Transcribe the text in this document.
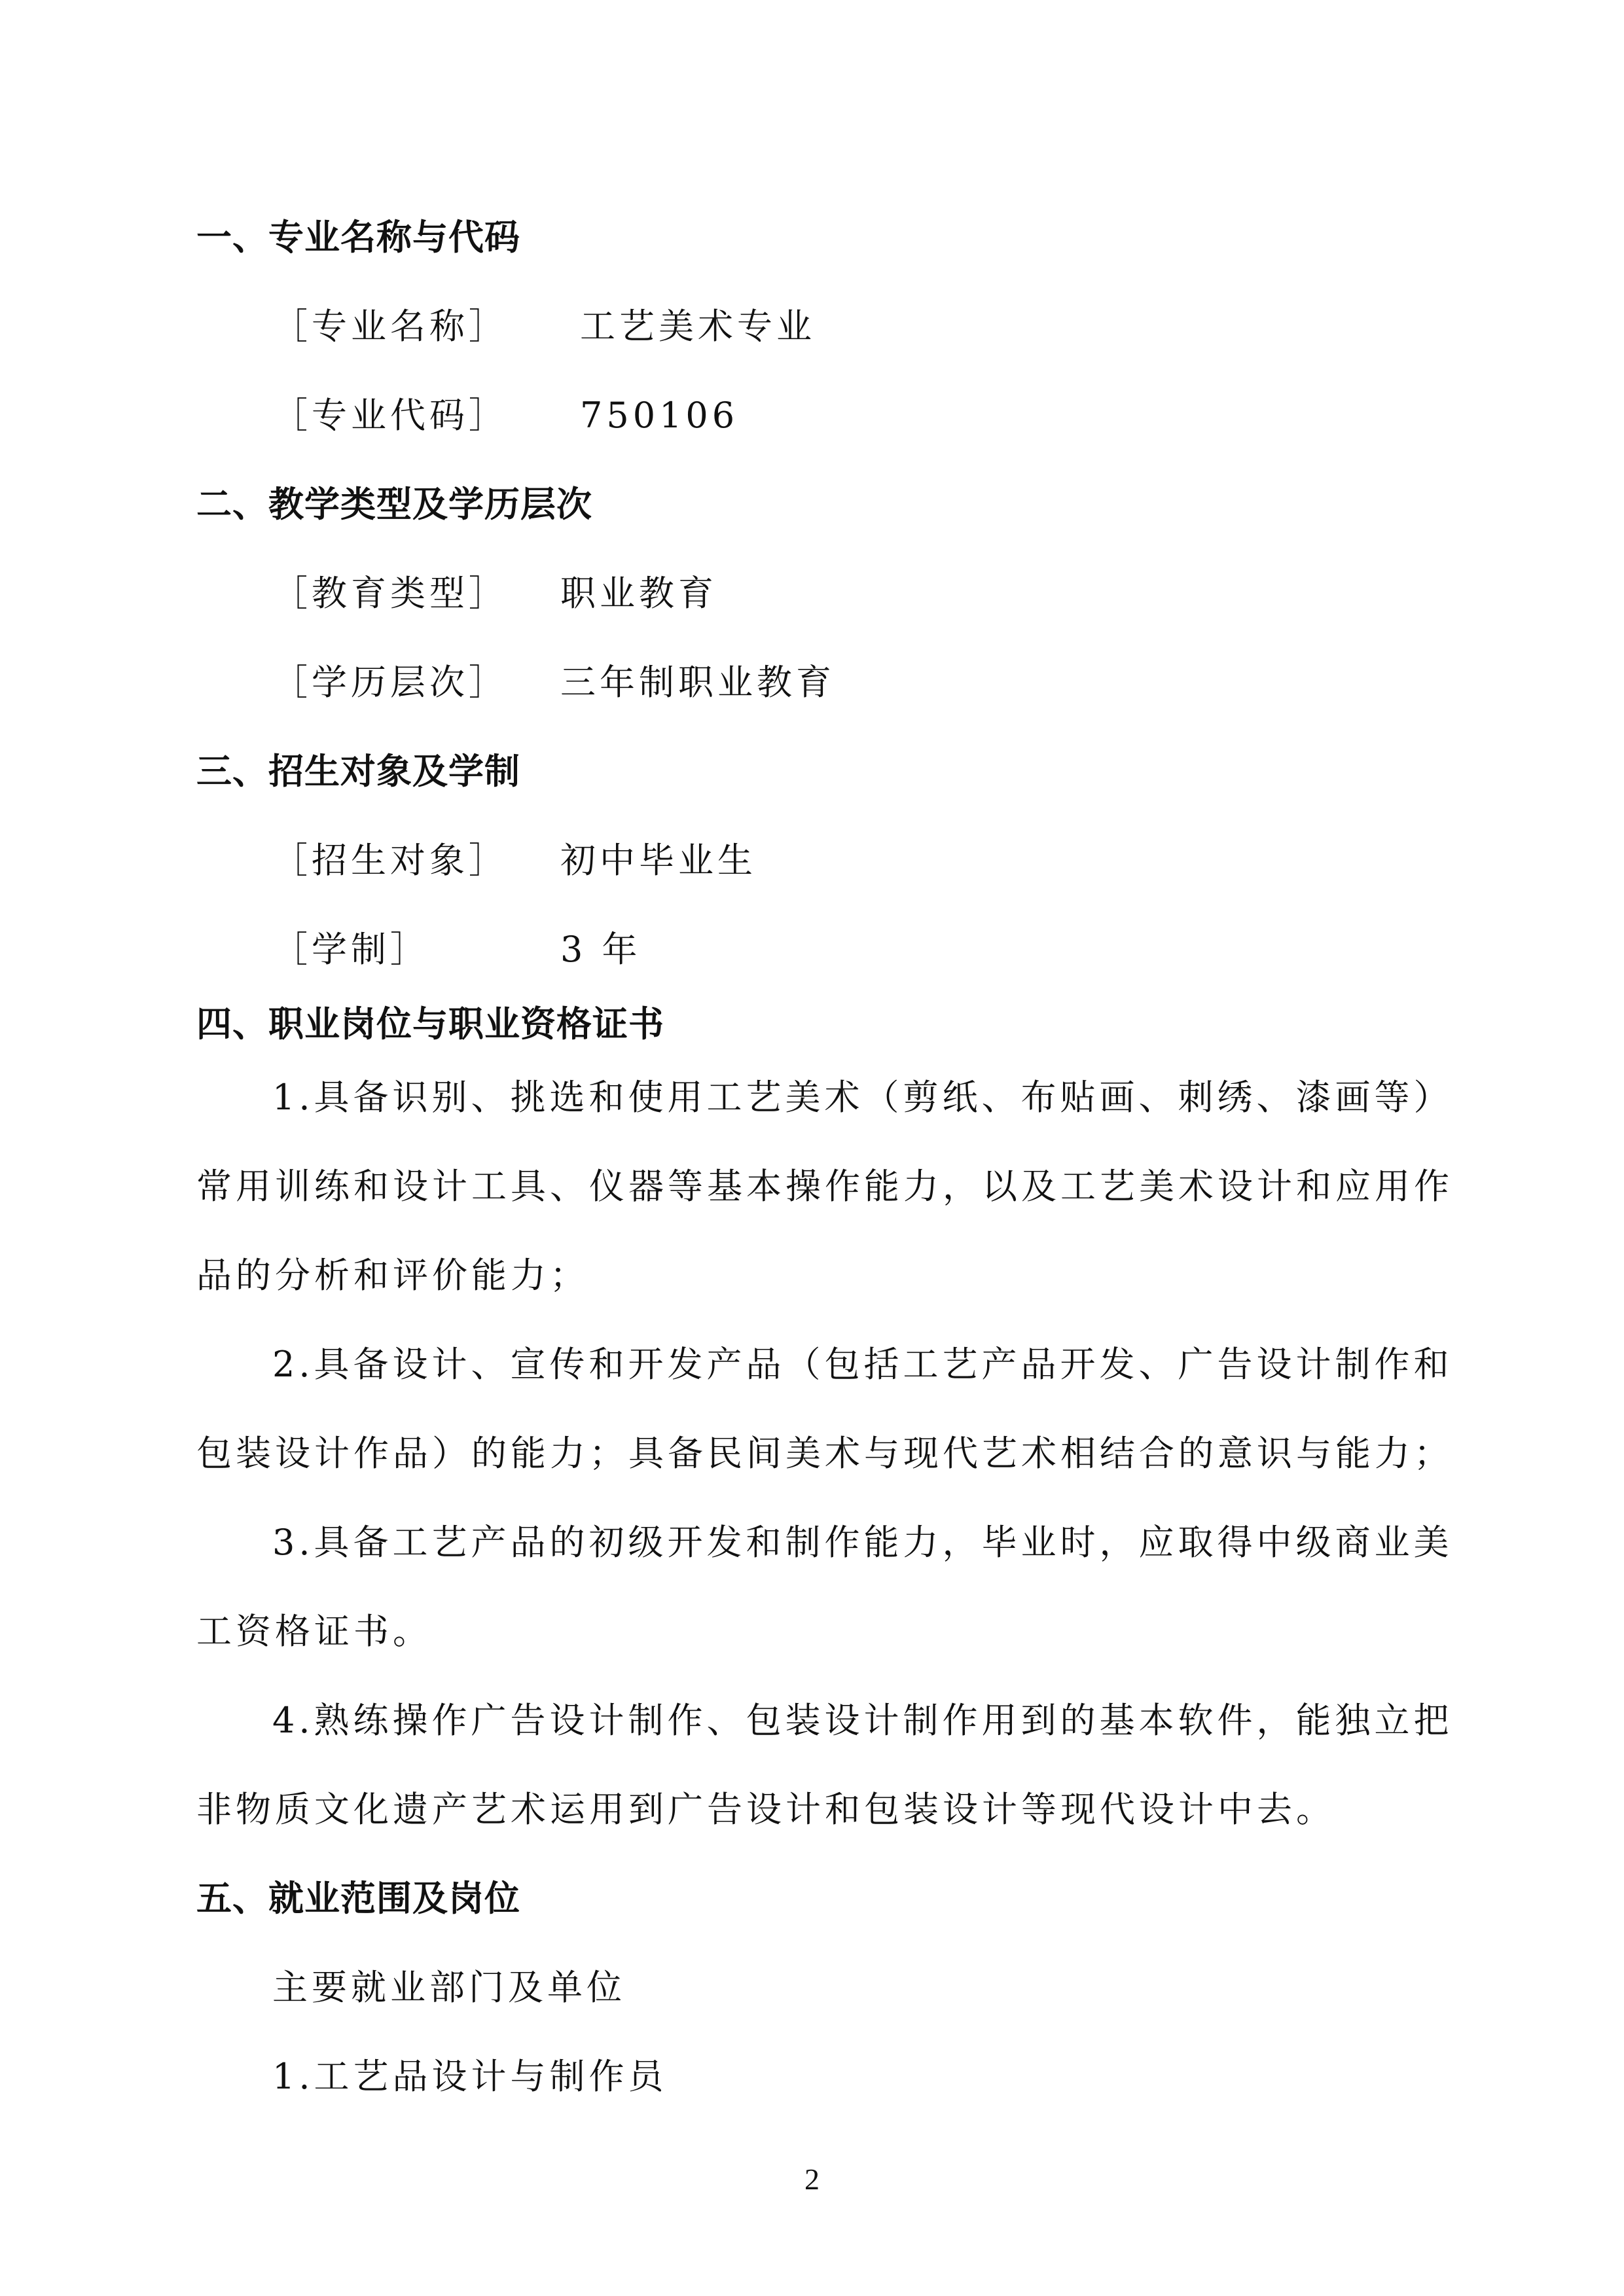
一、专业名称与代码
［专业名称］ 工艺美术专业
［专业代码］ 750106
二、教学类型及学历层次
［教育类型］ 职业教育
［学历层次］ 三年制职业教育
三、招生对象及学制
［招生对象］ 初中毕业生
［学制］	3 年
四、职业岗位与职业资格证书
1.具备识别、挑选和使用工艺美术（剪纸、布贴画、刺绣、漆画等）
常用训练和设计工具、仪器等基本操作能力，以及工艺美术设计和应用作
品的分析和评价能力；
2.具备设计、宣传和开发产品（包括工艺产品开发、广告设计制作和
包装设计作品）的能力；具备民间美术与现代艺术相结合的意识与能力；
3.具备工艺产品的初级开发和制作能力，毕业时，应取得中级商业美
工资格证书。
4.熟练操作广告设计制作、包装设计制作用到的基本软件，能独立把
非物质文化遗产艺术运用到广告设计和包装设计等现代设计中去。
五、就业范围及岗位
主要就业部门及单位
1.工艺品设计与制作员
2
